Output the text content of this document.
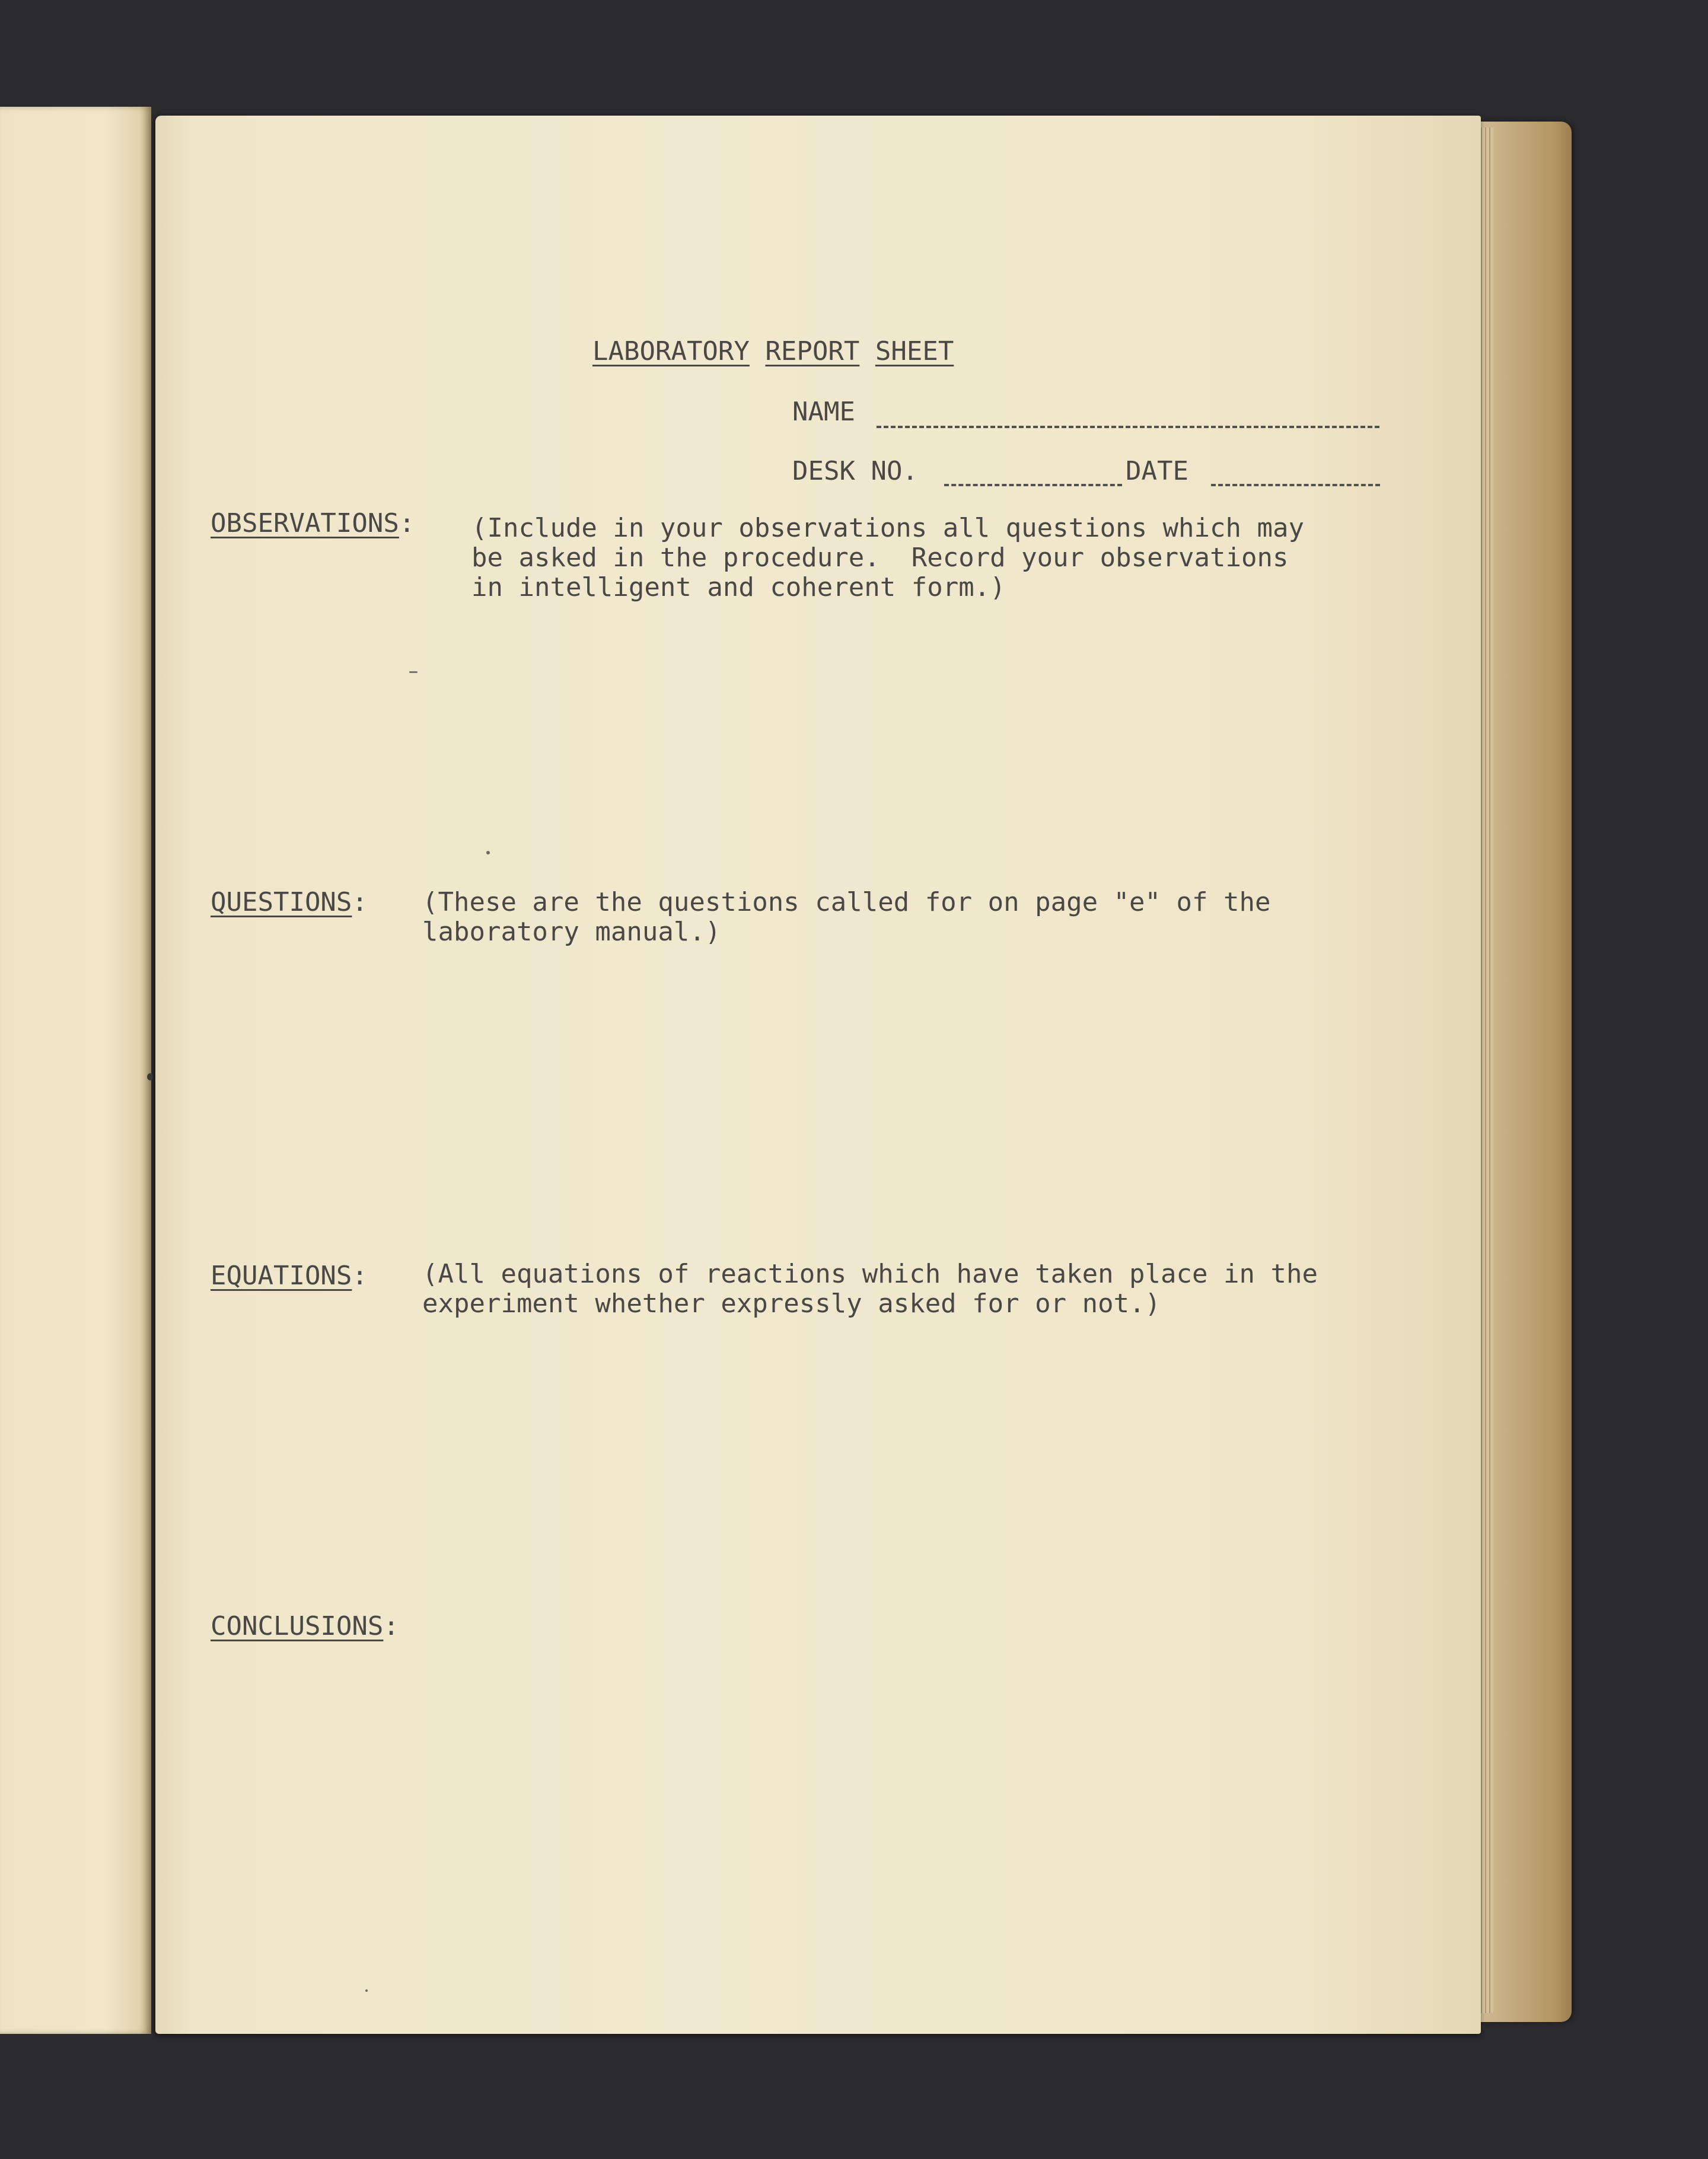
LABORATORY REPORT SHEET
NAME
DESK NO.	DATE
OBSERVATIONS: (Include in your observations all questions which may
be asked in the procedure.  Record your observations
in intelligent and coherent form.)
QUESTIONS: (These are the questions called for on page "e" of the
laboratory manual.)
EQUATIONS: (All equations of reactions which have taken place in the
experiment whether expressly asked for or not.)
CONCLUSIONS:
